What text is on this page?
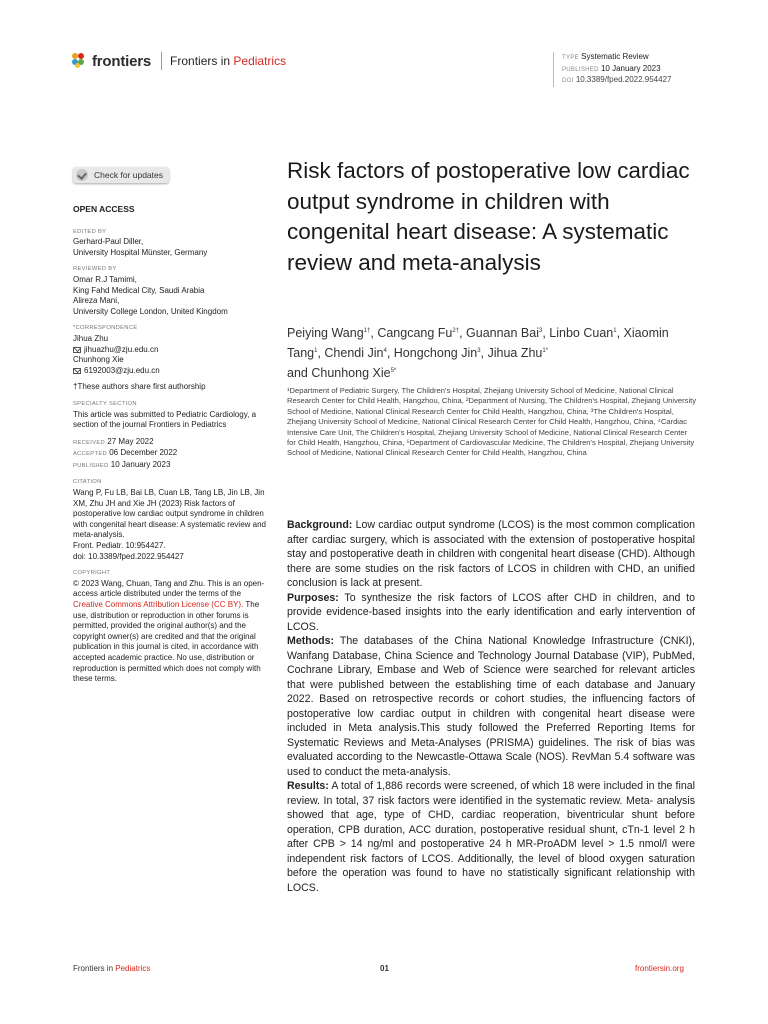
frontiers Frontiers in Pediatrics	TYPE Systematic Review
PUBLISHED 10 January 2023
DOI 10.3389/fped.2022.954427
Check for updates
OPEN ACCESS
EDITED BY

Gerhard-Paul Diller,

University Hospital Münster, Germany

REVIEWED BY

Omar R.J Tamimi,

King Fahd Medical City, Saudi Arabia

Alireza Mani,

University College London, United Kingdom

*CORRESPONDENCE

Jihua Zhu

jihuazhu@zju.edu.cn

Chunhong Xie

6192003@zju.edu.cn

†These authors share first authorship

SPECIALTY SECTION

This article was submitted to Pediatric Cardiology, a section of the journal Frontiers in Pediatrics

RECEIVED 27 May 2022

ACCEPTED 06 December 2022

PUBLISHED 10 January 2023

CITATION

Wang P, Fu LB, Bai LB, Cuan LB, Tang LB, Jin LB, Jin XM, Zhu JH and Xie JH (2023) Risk factors of postoperative low cardiac output syndrome in children with congenital heart disease: A systematic review and meta-analysis.

Front. Pediatr. 10:954427.

doi: 10.3389/fped.2022.954427

COPYRIGHT

© 2023 Wang, Chuan, Tang and Zhu. This is an open-access article distributed under the terms of the Creative Commons Attribution License (CC BY). The use, distribution or reproduction in other forums is permitted, provided the original author(s) and the copyright owner(s) are credited and that the original publication in this journal is cited, in accordance with accepted academic practice. No use, distribution or reproduction is permitted which does not comply with these terms.

Risk factors of postoperative low cardiac output syndrome in children with congenital heart disease: A systematic review and meta-analysis
Peiying Wang$^{1\dagger}$, Cangcang $Fu^{2\dagger}$, Guannan Bai$^3$, Linbo Cuan$^1$, Xiaomin Tang$^1$, Chendi Jin$^4$, Hongchong Jin$^3$, Jihua Zhu$^{1*}$
and Chunhong Xie$^{5*}$
¹Department of Pediatric Surgery, The Children's Hospital, Zhejiang University School of Medicine, National Clinical Research Center for Child Health, Hangzhou, China, ²Department of Nursing, The Children's Hospital, Zhejiang University School of Medicine, National Clinical Research Center for Child Health, Hangzhou, China, ³The Children's Hospital, Zhejiang University School of Medicine, National Clinical Research Center for Child Health, Hangzhou, China, ⁴Cardiac Intensive Care Unit, The Children's Hospital, Zhejiang University School of Medicine, National Clinical Research Center for Child Health, Hangzhou, China, ⁵Department of Cardiovascular Medicine, The Children's Hospital, Zhejiang University School of Medicine, National Clinical Research Center for Child Health, Hangzhou, China

Background: Low cardiac output syndrome (LCOS) is the most common complication after cardiac surgery, which is associated with the extension of postoperative hospital stay and postoperative death in children with congenital heart disease (CHD). Although there are some studies on the risk factors of LCOS in children with CHD, an unified conclusion is lack at present.

Purposes: To synthesize the risk factors of LCOS after CHD in children, and to provide evidence-based insights into the early identification and early intervention of LCOS.

Methods: The databases of the China National Knowledge Infrastructure (CNKI), Wanfang Database, China Science and Technology Journal Database (VIP), PubMed, Cochrane Library, Embase and Web of Science were searched for relevant articles that were published between the establishing time of each database and January 2022. Based on retrospective records or cohort studies, the influencing factors of postoperative low cardiac output in children with congenital heart disease were included in Meta analysis.This study followed the Preferred Reporting Items for Systematic Reviews and Meta-Analyses (PRISMA) guidelines. The risk of bias was evaluated according to the Newcastle-Ottawa Scale (NOS). RevMan 5.4 software was used to conduct the meta-analysis.

Results: A total of 1,886 records were screened, of which 18 were included in the final review. In total, 37 risk factors were identified in the systematic review. Meta- analysis showed that age, type of CHD, cardiac reoperation, biventricular shunt before operation, CPB duration, ACC duration, postoperative residual shunt, cTn-1 level 2 h after CPB > 14 ng/ml and postoperative 24 h MR-ProADM level > 1.5 nmol/l were independent risk factors of LCOS. Additionally, the level of blood oxygen saturation before the operation was found to have no statistically significant relationship with LOCS.

Frontiers in Pediatrics	01	frontiersin.org
